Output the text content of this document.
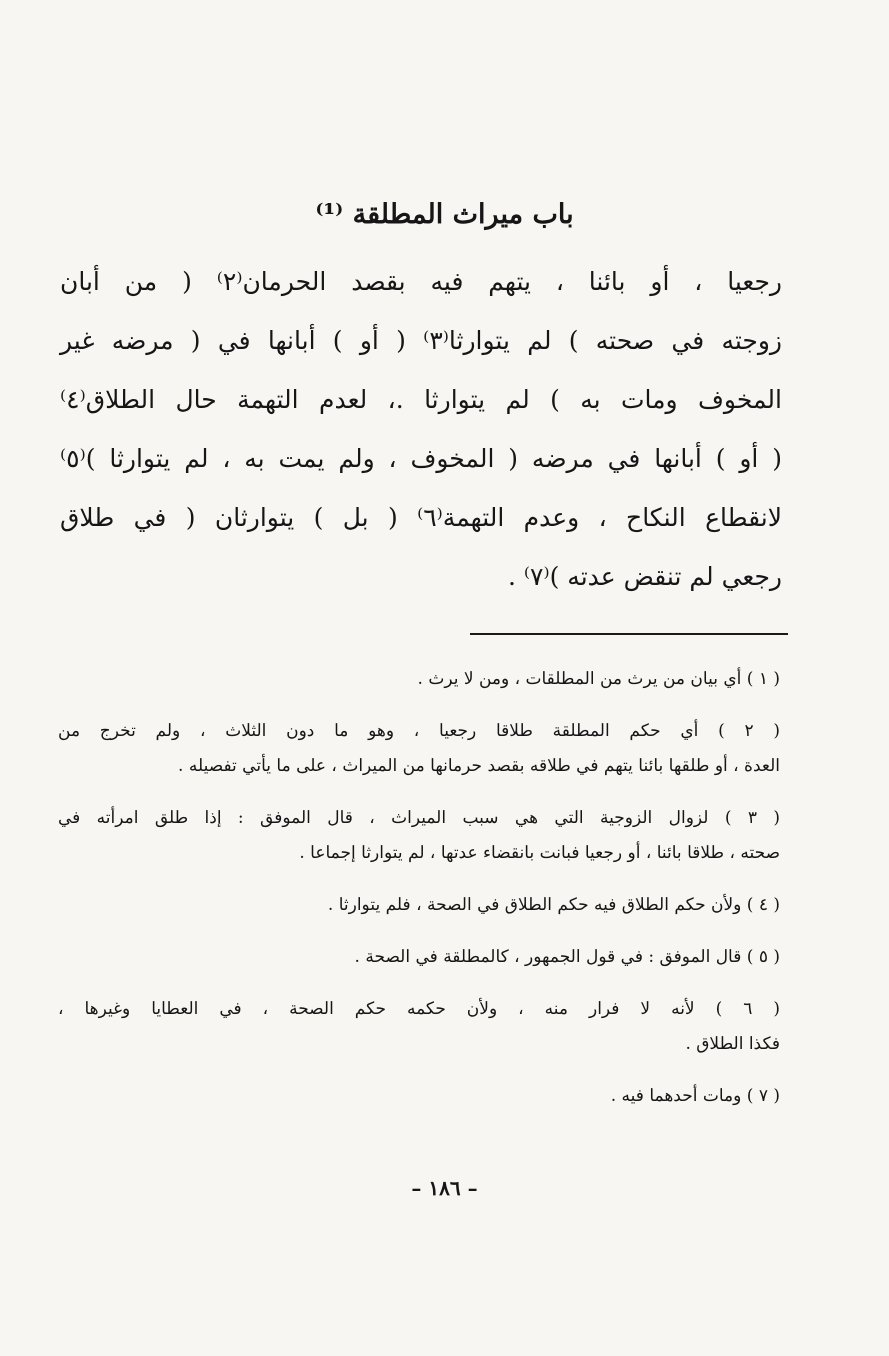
باب ميراث المطلقة ⁽¹⁾
رجعيا ، أو بائنا ، يتهم فيه بقصد الحرمان⁽٢⁾ ( من أبان
زوجته في صحته ) لم يتوارثا⁽٣⁾ ( أو ) أبانها في ( مرضه غير
المخوف ومات به ) لم يتوارثا .، لعدم التهمة حال الطلاق⁽٤⁾
( أو ) أبانها في مرضه ( المخوف ، ولم يمت به ، لم يتوارثا )⁽٥⁾
لانقطاع النكاح ، وعدم التهمة⁽٦⁾ ( بل ) يتوارثان ( في طلاق
رجعي لم تنقض عدته )⁽٧⁾ .
( ١ ) أي بيان من يرث من المطلقات ، ومن لا يرث .
( ٢ ) أي حكم المطلقة طلاقا رجعيا ، وهو ما دون الثلاث ، ولم تخرج من
العدة ، أو طلقها بائنا يتهم في طلاقه بقصد حرمانها من الميراث ، على ما يأتي تفصيله .
( ٣ ) لزوال الزوجية التي هي سبب الميراث ، قال الموفق : إذا طلق امرأته في
صحته ، طلاقا بائنا ، أو رجعيا فبانت بانقضاء عدتها ، لم يتوارثا إجماعا .
( ٤ ) ولأن حكم الطلاق فيه حكم الطلاق في الصحة ، فلم يتوارثا .
( ٥ ) قال الموفق : في قول الجمهور ، كالمطلقة في الصحة .
( ٦ ) لأنه لا فرار منه ، ولأن حكمه حكم الصحة ، في العطايا وغيرها ،
فكذا الطلاق .
( ٧ ) ومات أحدهما فيه .
– ١٨٦ –
